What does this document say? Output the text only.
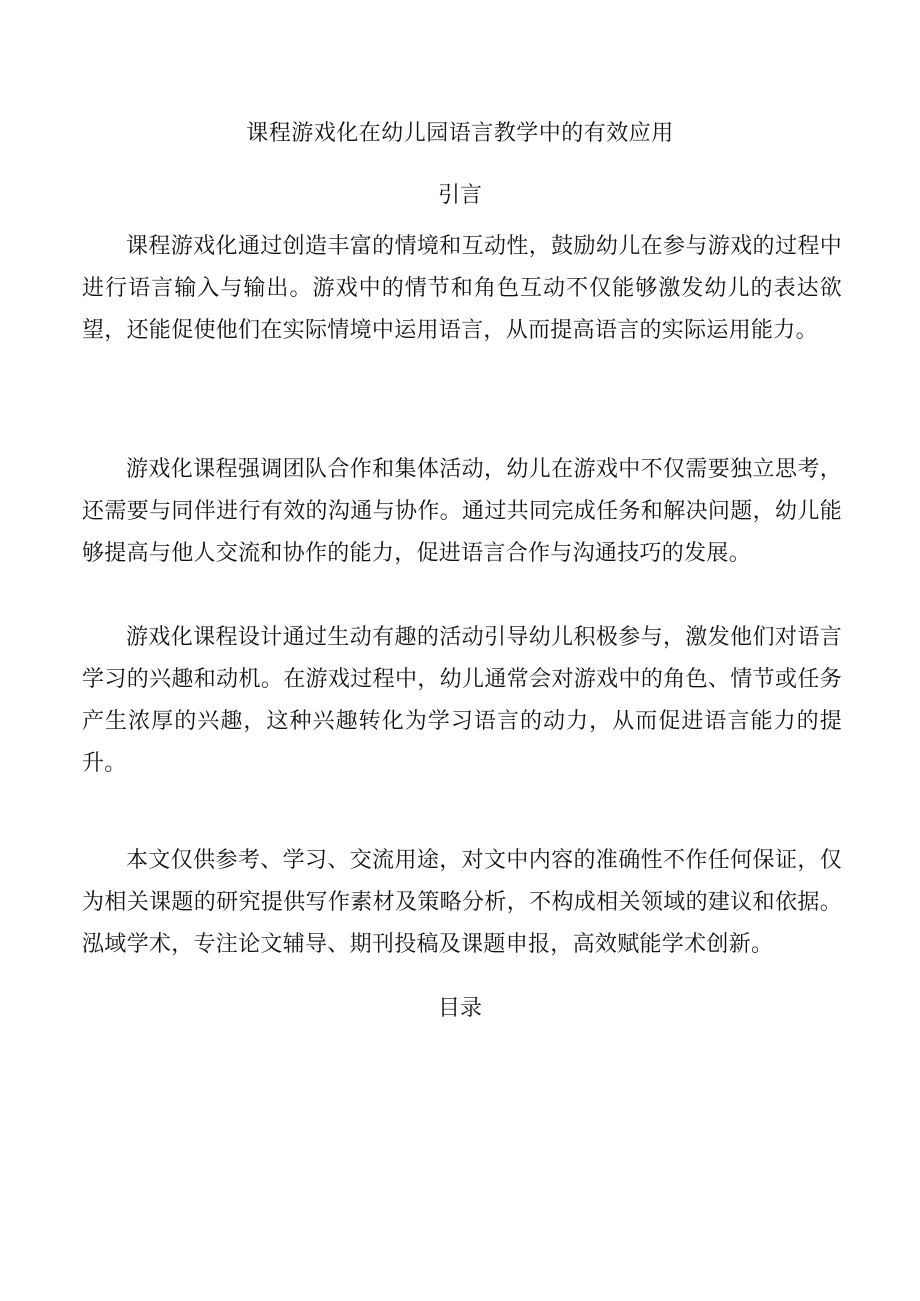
课程游戏化在幼儿园语言教学中的有效应用
引言

课程游戏化通过创造丰富的情境和互动性，鼓励幼儿在参与游戏的过程中进行语言输入与输出。游戏中的情节和角色互动不仅能够激发幼儿的表达欲望，还能促使他们在实际情境中运用语言，从而提高语言的实际运用能力。

游戏化课程强调团队合作和集体活动，幼儿在游戏中不仅需要独立思考，还需要与同伴进行有效的沟通与协作。通过共同完成任务和解决问题，幼儿能够提高与他人交流和协作的能力，促进语言合作与沟通技巧的发展。

游戏化课程设计通过生动有趣的活动引导幼儿积极参与，激发他们对语言学习的兴趣和动机。在游戏过程中，幼儿通常会对游戏中的角色、情节或任务产生浓厚的兴趣，这种兴趣转化为学习语言的动力，从而促进语言能力的提升。

本文仅供参考、学习、交流用途，对文中内容的准确性不作任何保证，仅为相关课题的研究提供写作素材及策略分析，不构成相关领域的建议和依据。泓域学术，专注论文辅导、期刊投稿及课题申报，高效赋能学术创新。

目录
